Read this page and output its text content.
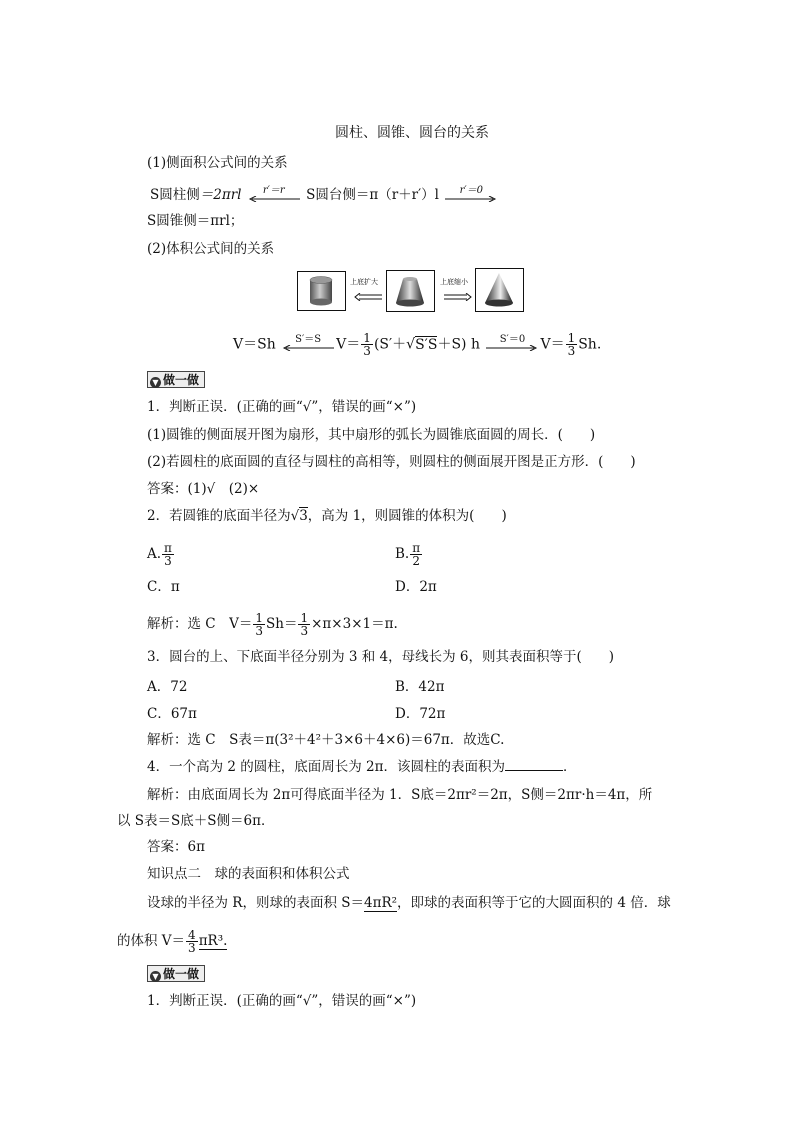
圆柱、圆锥、圆台的关系
(1)侧面积公式间的关系
S圆柱侧＝2πrl	r′＝r	S圆台侧＝π（r＋r′）l	r′＝0
S圆锥侧＝πrl；
(2)体积公式间的关系
上底扩大	上底缩小
V＝Sh	S′＝S	$V= \frac{1}{3} (S'+√S'S+S)$ h	S′＝0	$V= \frac{1}{3} Sh$.
▼ 做一做
1．判断正误．(正确的画“√”，错误的画“×”)
(1)圆锥的侧面展开图为扇形，其中扇形的弧长为圆锥底面圆的周长．(　　)
(2)若圆柱的底面圆的直径与圆柱的高相等，则圆柱的侧面展开图是正方形．(　　)
答案：(1)√　(2)×
2．若圆锥的底面半径为√3，高为 1，则圆锥的体积为(　　)
A. $\frac{\pi}{3}$	B. $\frac{\pi}{2}$
C．π	D．2π
解析：选 C　$V= \frac{1}{3} Sh= \frac{1}{3} \times\pi\times 3\times 1=\pi$.
3．圆台的上、下底面半径分别为 3 和 4，母线长为 6，则其表面积等于(　　)
A．72	B．42π
C．67π	D．72π
解析：选 C　S表＝π(3²＋4²＋3×6＋4×6)＝67π．故选C.
4．一个高为 2 的圆柱，底面周长为 2π．该圆柱的表面积为	．
解析：由底面周长为 2π可得底面半径为 1．S底＝2πr²＝2π，S侧＝2πr·h＝4π，所
以 S表＝S底＋S侧＝6π．
答案：6π
知识点二　球的表面积和体积公式
设球的半径为 R，则球的表面积 S＝4πR²，即球的表面积等于它的大圆面积的 4 倍．球
的体积 $V= \frac{4}{3} \pi R^3$.
▼ 做一做
1．判断正误．(正确的画“√”，错误的画“×”)
